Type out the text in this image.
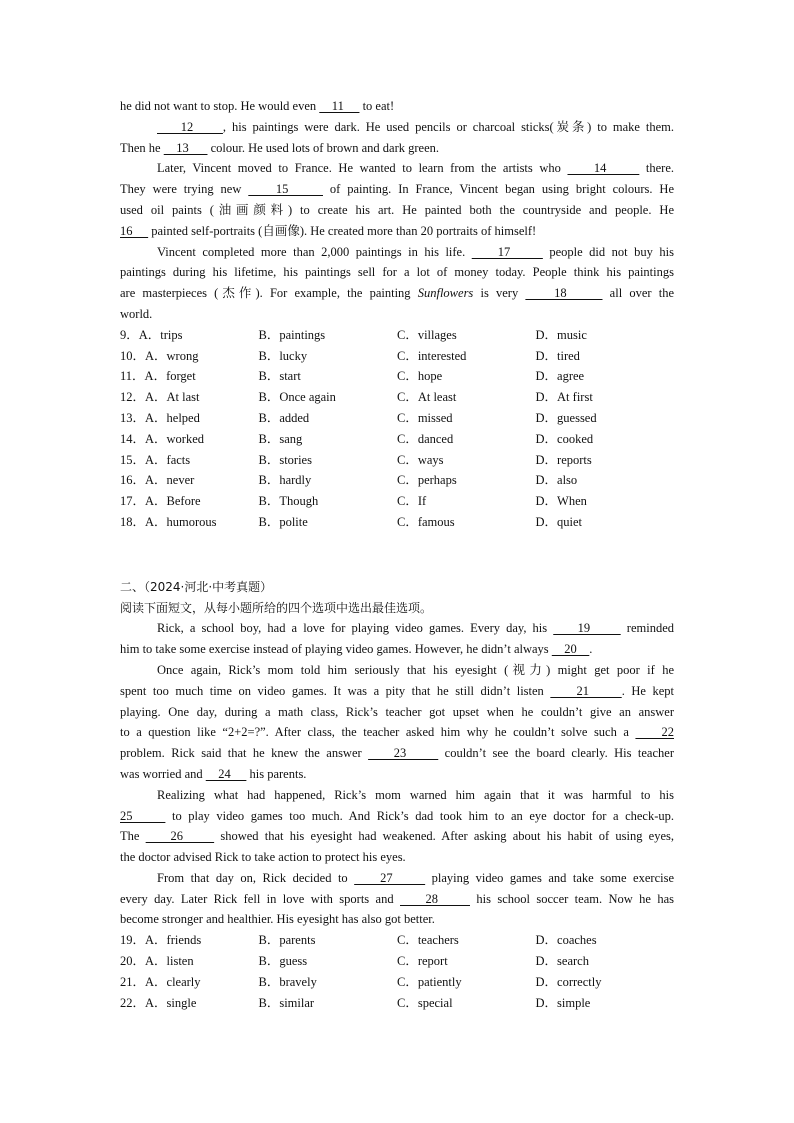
he did not want to stop. He would even     11      to eat!
12     , his paintings were dark. He used pencils or charcoal sticks(炭条) to make them.
Then he     13       colour. He used lots of brown and dark green.
Later, Vincent moved to France. He wanted to learn from the artists who     14      there.
They were trying new     15      of painting. In France, Vincent began using bright colours. He
used oil paints (油画颜料) to create his art. He painted both the countryside and people. He
16      painted self-portraits (自画像). He created more than 20 portraits of himself!
Vincent completed more than 2,000 paintings in his life.     17      people did not buy his
paintings during his lifetime, his paintings sell for a lot of money today. People think his paintings
are masterpieces (杰作). For example, the painting Sunflowers is very     18      all over the
world.
9．A．trips	B．paintings	C．villages	D．music
10．A．wrong	B．lucky	C．interested	D．tired
11．A．forget	B．start	C．hope	D．agree
12．A．At last	B．Once again	C．At least	D．At first
13．A．helped	B．added	C．missed	D．guessed
14．A．worked	B．sang	C．danced	D．cooked
15．A．facts	B．stories	C．ways	D．reports
16．A．never	B．hardly	C．perhaps	D．also
17．A．Before	B．Though	C．If	D．When
18．A．humorous	B．polite	C．famous	D．quiet
二、（2024·河北·中考真题）
阅读下面短文，从每小题所给的四个选项中选出最佳选项。
Rick, a school boy, had a love for playing video games. Every day, his     19      reminded
him to take some exercise instead of playing video games. However, he didn’t always     20    .
Once again, Rick’s mom told him seriously that his eyesight (视力) might get poor if he
spent too much time on video games. It was a pity that he still didn’t listen     21     . He kept
playing. One day, during a math class, Rick’s teacher got upset when he couldn’t give an answer
to a question like “2+2=?”. After class, the teacher asked him why he couldn’t solve such a     22
problem. Rick said that he knew the answer     23      couldn’t see the board clearly. His teacher
was worried and     24      his parents.
Realizing what had happened, Rick’s mom warned him again that it was harmful to his
25      to play video games too much. And Rick’s dad took him to an eye doctor for a check-up.
The     26      showed that his eyesight had weakened. After asking about his habit of using eyes,
the doctor advised Rick to take action to protect his eyes.
From that day on, Rick decided to     27      playing video games and take some exercise
every day. Later Rick fell in love with sports and     28      his school soccer team. Now he has
become stronger and healthier. His eyesight has also got better.
19．A．friends	B．parents	C．teachers	D．coaches
20．A．listen	B．guess	C．report	D．search
21．A．clearly	B．bravely	C．patiently	D．correctly
22．A．single	B．similar	C．special	D．simple
